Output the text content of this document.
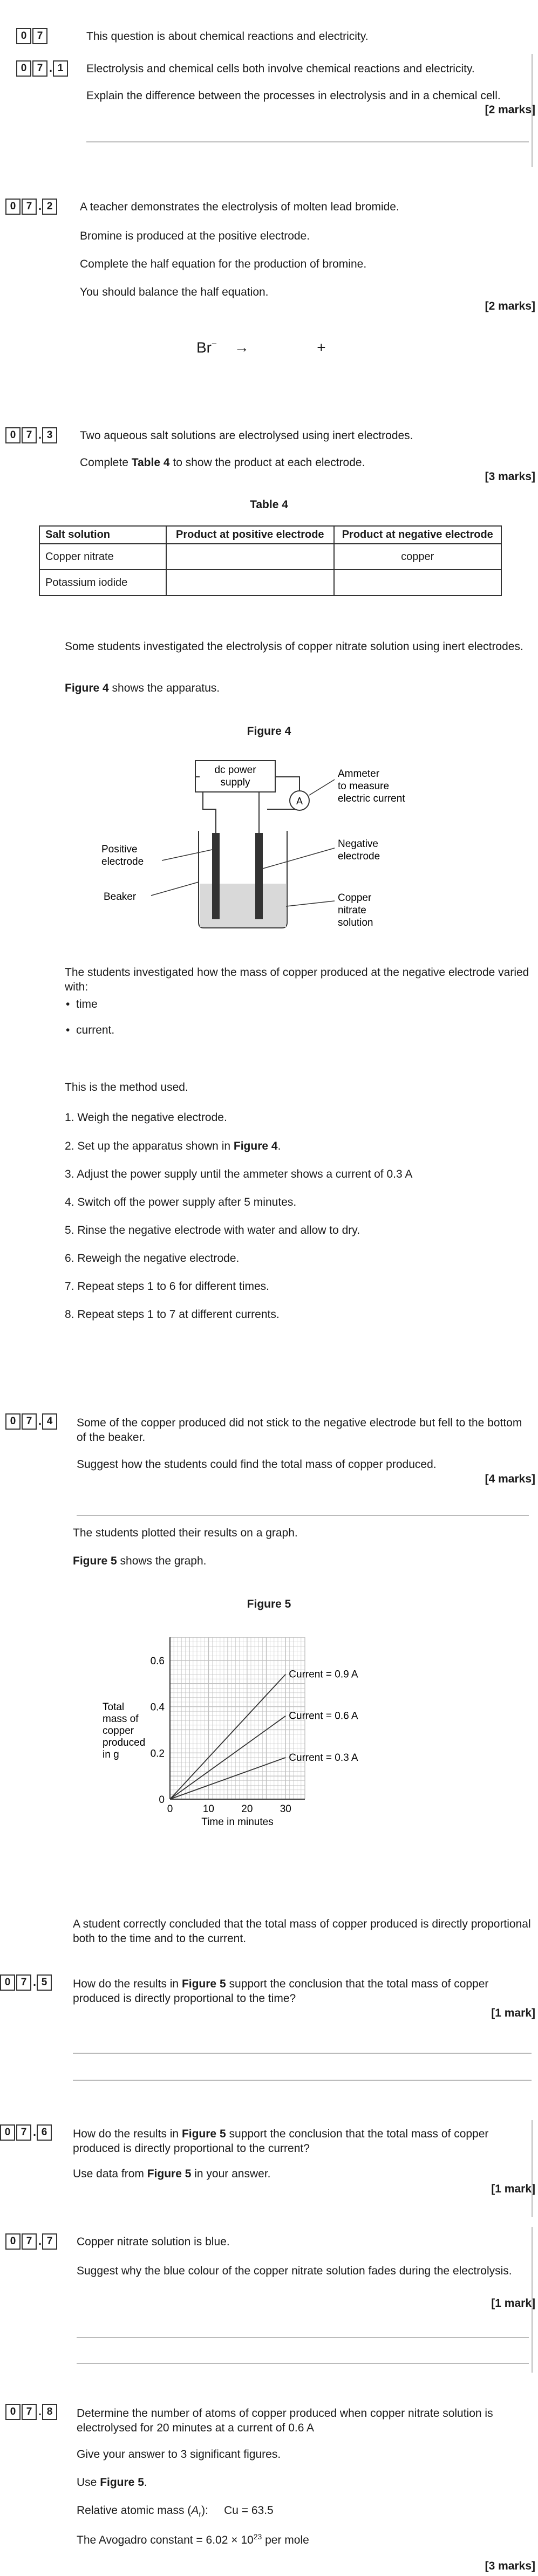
0	7	This question is about chemical reactions and electricity.
0	7 . 1	Electrolysis and chemical cells both involve chemical reactions and electricity.
Explain the difference between the processes in electrolysis and in a chemical cell.
[2 marks]
0	7 . 2	A teacher demonstrates the electrolysis of molten lead bromide.
Bromine is produced at the positive electrode.
Complete the half equation for the production of bromine.
You should balance the half equation.
[2 marks]
Br− →	+
0	7 . 3	Two aqueous salt solutions are electrolysed using inert electrodes.
Complete Table 4 to show the product at each electrode.
[3 marks]
Table 4
Salt solution	Product at positive electrode	Product at negative electrode
Copper nitrate		copper
Potassium iodide		
Some students investigated the electrolysis of copper nitrate solution using inert electrodes.
Figure 4 shows the apparatus.
Figure 4
dc power
supply
A
Ammeter to measure electric current
Positive electrode
Negative electrode
Beaker	Copper nitrate solution
The students investigated how the mass of copper produced at the negative electrode varied with:
•  time
•  current.
This is the method used.
1. Weigh the negative electrode.
2. Set up the apparatus shown in Figure 4.
3. Adjust the power supply until the ammeter shows a current of 0.3 A
4. Switch off the power supply after 5 minutes.
5. Rinse the negative electrode with water and allow to dry.
6. Reweigh the negative electrode.
7. Repeat steps 1 to 6 for different times.
8. Repeat steps 1 to 7 at different currents.
0	7 . 4	Some of the copper produced did not stick to the negative electrode but fell to the bottom of the beaker.
Suggest how the students could find the total mass of copper produced.
[4 marks]
The students plotted their results on a graph.
Figure 5 shows the graph.
Figure 5
Current = 0.9 A
Current = 0.6 A
Current = 0.3 A
0	10	20	30
0
0.2
0.4
0.6
Total mass of copper produced in g
Time in minutes
A student correctly concluded that the total mass of copper produced is directly proportional both to the time and to the current.
0	7 . 5	How do the results in Figure 5 support the conclusion that the total mass of copper produced is directly proportional to the time?
[1 mark]
0	7 . 6	How do the results in Figure 5 support the conclusion that the total mass of copper produced is directly proportional to the current?
Use data from Figure 5 in your answer.
[1 mark]
0	7 . 7	Copper nitrate solution is blue.
Suggest why the blue colour of the copper nitrate solution fades during the electrolysis.
[1 mark]
0	7 . 8	Determine the number of atoms of copper produced when copper nitrate solution is electrolysed for 20 minutes at a current of 0.6 A
Give your answer to 3 significant figures.
Use Figure 5.
Relative atomic mass $(A_r)$:     Cu = 63.5
The Avogadro constant = $6.02 \times 10^{23}$ per mole
[3 marks]
